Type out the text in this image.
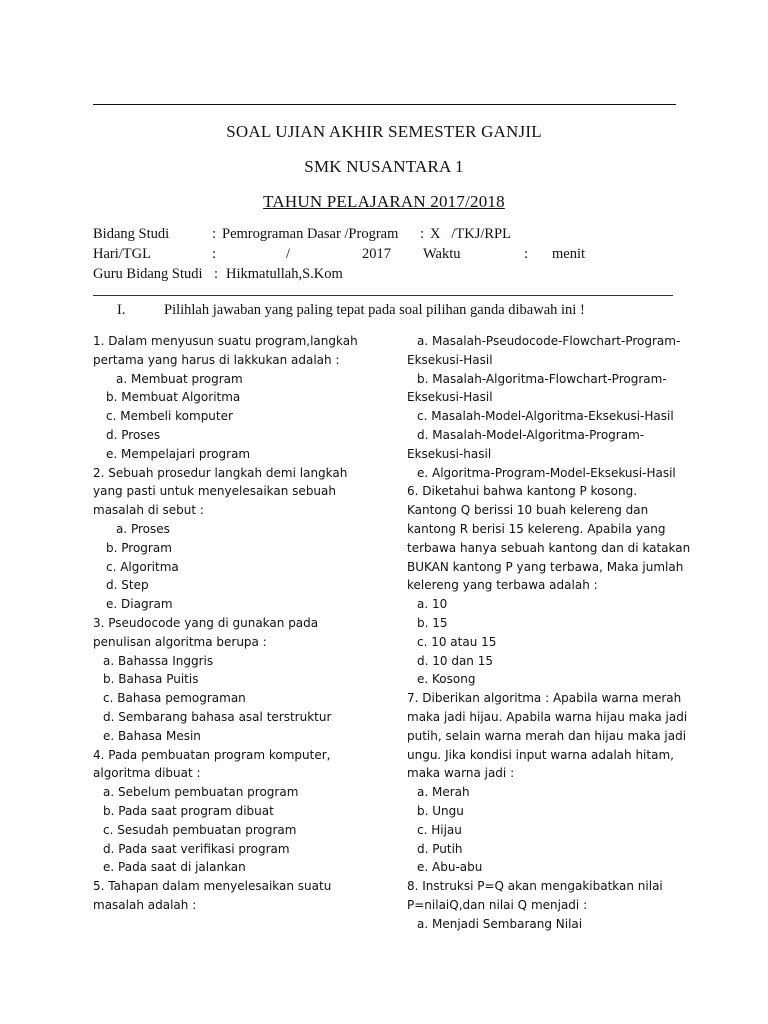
SOAL UJIAN AKHIR SEMESTER GANJIL
SMK NUSANTARA 1
TAHUN PELAJARAN 2017/2018
Bidang Studi	: Pemrograman Dasar /Program : X   /TKJ/RPL
Hari/TGL	:	/	2017 Waktu	: menit
Guru Bidang Studi : Hikmatullah,S.Kom
I.	Pilihlah jawaban yang paling tepat pada soal pilihan ganda dibawah ini !
1. Dalam menyusun suatu program,langkah
pertama yang harus di lakkukan adalah :
a. Membuat program
b. Membuat Algoritma
c. Membeli komputer
d. Proses
e. Mempelajari program
2. Sebuah prosedur langkah demi langkah
yang pasti untuk menyelesaikan sebuah
masalah di sebut :
a. Proses
b. Program
c. Algoritma
d. Step
e. Diagram
3. Pseudocode yang di gunakan pada
penulisan algoritma berupa :
a. Bahassa Inggris
b. Bahasa Puitis
c. Bahasa pemograman
d. Sembarang bahasa asal terstruktur
e. Bahasa Mesin
4. Pada pembuatan program komputer,
algoritma dibuat :
a. Sebelum pembuatan program
b. Pada saat program dibuat
c. Sesudah pembuatan program
d. Pada saat verifikasi program
e. Pada saat di jalankan
5. Tahapan dalam menyelesaikan suatu
masalah adalah :
a. Masalah-Pseudocode-Flowchart-Program-
Eksekusi-Hasil
b. Masalah-Algoritma-Flowchart-Program-
Eksekusi-Hasil
c. Masalah-Model-Algoritma-Eksekusi-Hasil
d. Masalah-Model-Algoritma-Program-
Eksekusi-hasil
e. Algoritma-Program-Model-Eksekusi-Hasil
6. Diketahui bahwa kantong P kosong.
Kantong Q berissi 10 buah kelereng dan
kantong R berisi 15 kelereng. Apabila yang
terbawa hanya sebuah kantong dan di katakan
BUKAN kantong P yang terbawa, Maka jumlah
kelereng yang terbawa adalah :
a. 10
b. 15
c. 10 atau 15
d. 10 dan 15
e. Kosong
7. Diberikan algoritma : Apabila warna merah
maka jadi hijau. Apabila warna hijau maka jadi
putih, selain warna merah dan hijau maka jadi
ungu. Jika kondisi input warna adalah hitam,
maka warna jadi :
a. Merah
b. Ungu
c. Hijau
d. Putih
e. Abu-abu
8. Instruksi P=Q akan mengakibatkan nilai
P=nilaiQ,dan nilai Q menjadi :
a. Menjadi Sembarang Nilai
